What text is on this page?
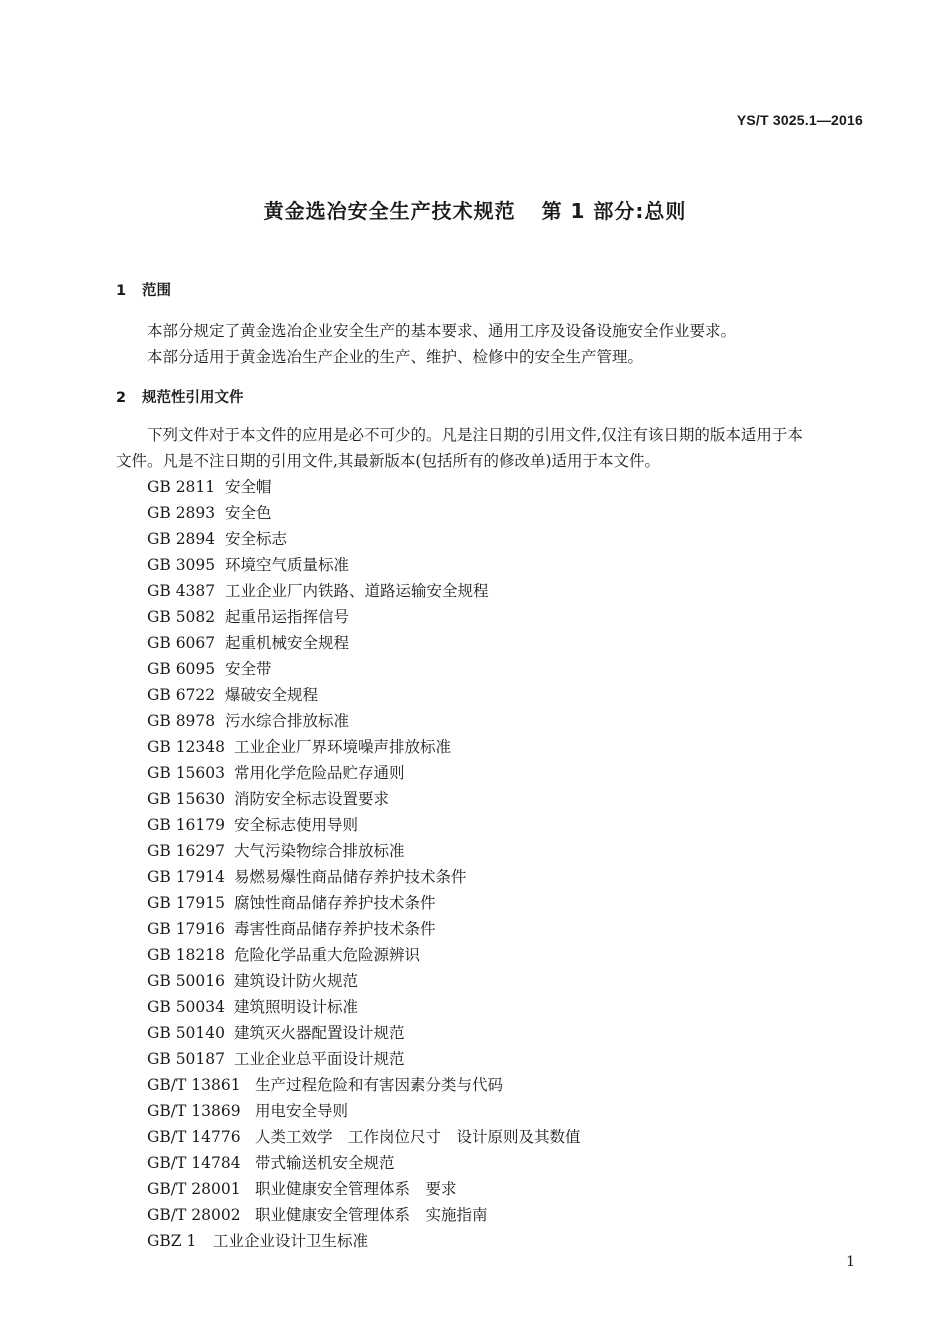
YS/T 3025.1—2016
黄金选冶安全生产技术规范 第 1 部分:总则
1 范围
本部分规定了黄金选冶企业安全生产的基本要求、通用工序及设备设施安全作业要求。
本部分适用于黄金选冶生产企业的生产、维护、检修中的安全生产管理。
2 规范性引用文件
下列文件对于本文件的应用是必不可少的。凡是注日期的引用文件,仅注有该日期的版本适用于本
文件。凡是不注日期的引用文件,其最新版本(包括所有的修改单)适用于本文件。
GB 2811 安全帽
GB 2893 安全色
GB 2894 安全标志
GB 3095 环境空气质量标准
GB 4387 工业企业厂内铁路、道路运输安全规程
GB 5082 起重吊运指挥信号
GB 6067 起重机械安全规程
GB 6095 安全带
GB 6722 爆破安全规程
GB 8978 污水综合排放标准
GB 12348 工业企业厂界环境噪声排放标准
GB 15603 常用化学危险品贮存通则
GB 15630 消防安全标志设置要求
GB 16179 安全标志使用导则
GB 16297 大气污染物综合排放标准
GB 17914 易燃易爆性商品储存养护技术条件
GB 17915 腐蚀性商品储存养护技术条件
GB 17916 毒害性商品储存养护技术条件
GB 18218 危险化学品重大危险源辨识
GB 50016 建筑设计防火规范
GB 50034 建筑照明设计标准
GB 50140 建筑灭火器配置设计规范
GB 50187 工业企业总平面设计规范
GB/T 13861 生产过程危险和有害因素分类与代码
GB/T 13869 用电安全导则
GB/T 14776 人类工效学　工作岗位尺寸　设计原则及其数值
GB/T 14784 带式输送机安全规范
GB/T 28001 职业健康安全管理体系　要求
GB/T 28002 职业健康安全管理体系　实施指南
GBZ 1 工业企业设计卫生标准
1
